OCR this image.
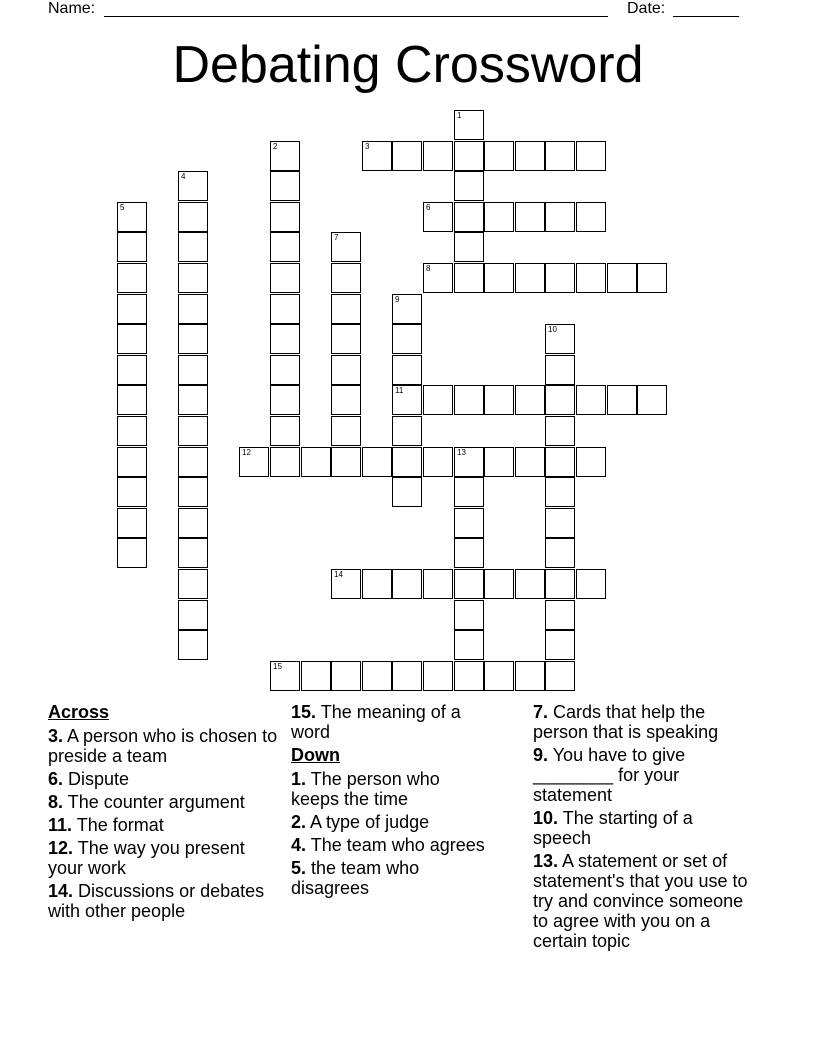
Name:	Date:
Debating Crossword
1
2	3
4
5	6
7
8
9
11
10
12	13
14
15
Across
3. A person who is chosen to preside a team
6. Dispute
8. The counter argument
11. The format
12. The way you present your work
14. Discussions or debates with other people
15. The meaning of a word
Down
1. The person who keeps the time
2. A type of judge
4. The team who agrees
5. the team who disagrees
7. Cards that help the person that is speaking
9. You have to give ________ for your statement
10. The starting of a speech
13. A statement or set of statement's that you use to try and convince someone to agree with you on a certain topic
